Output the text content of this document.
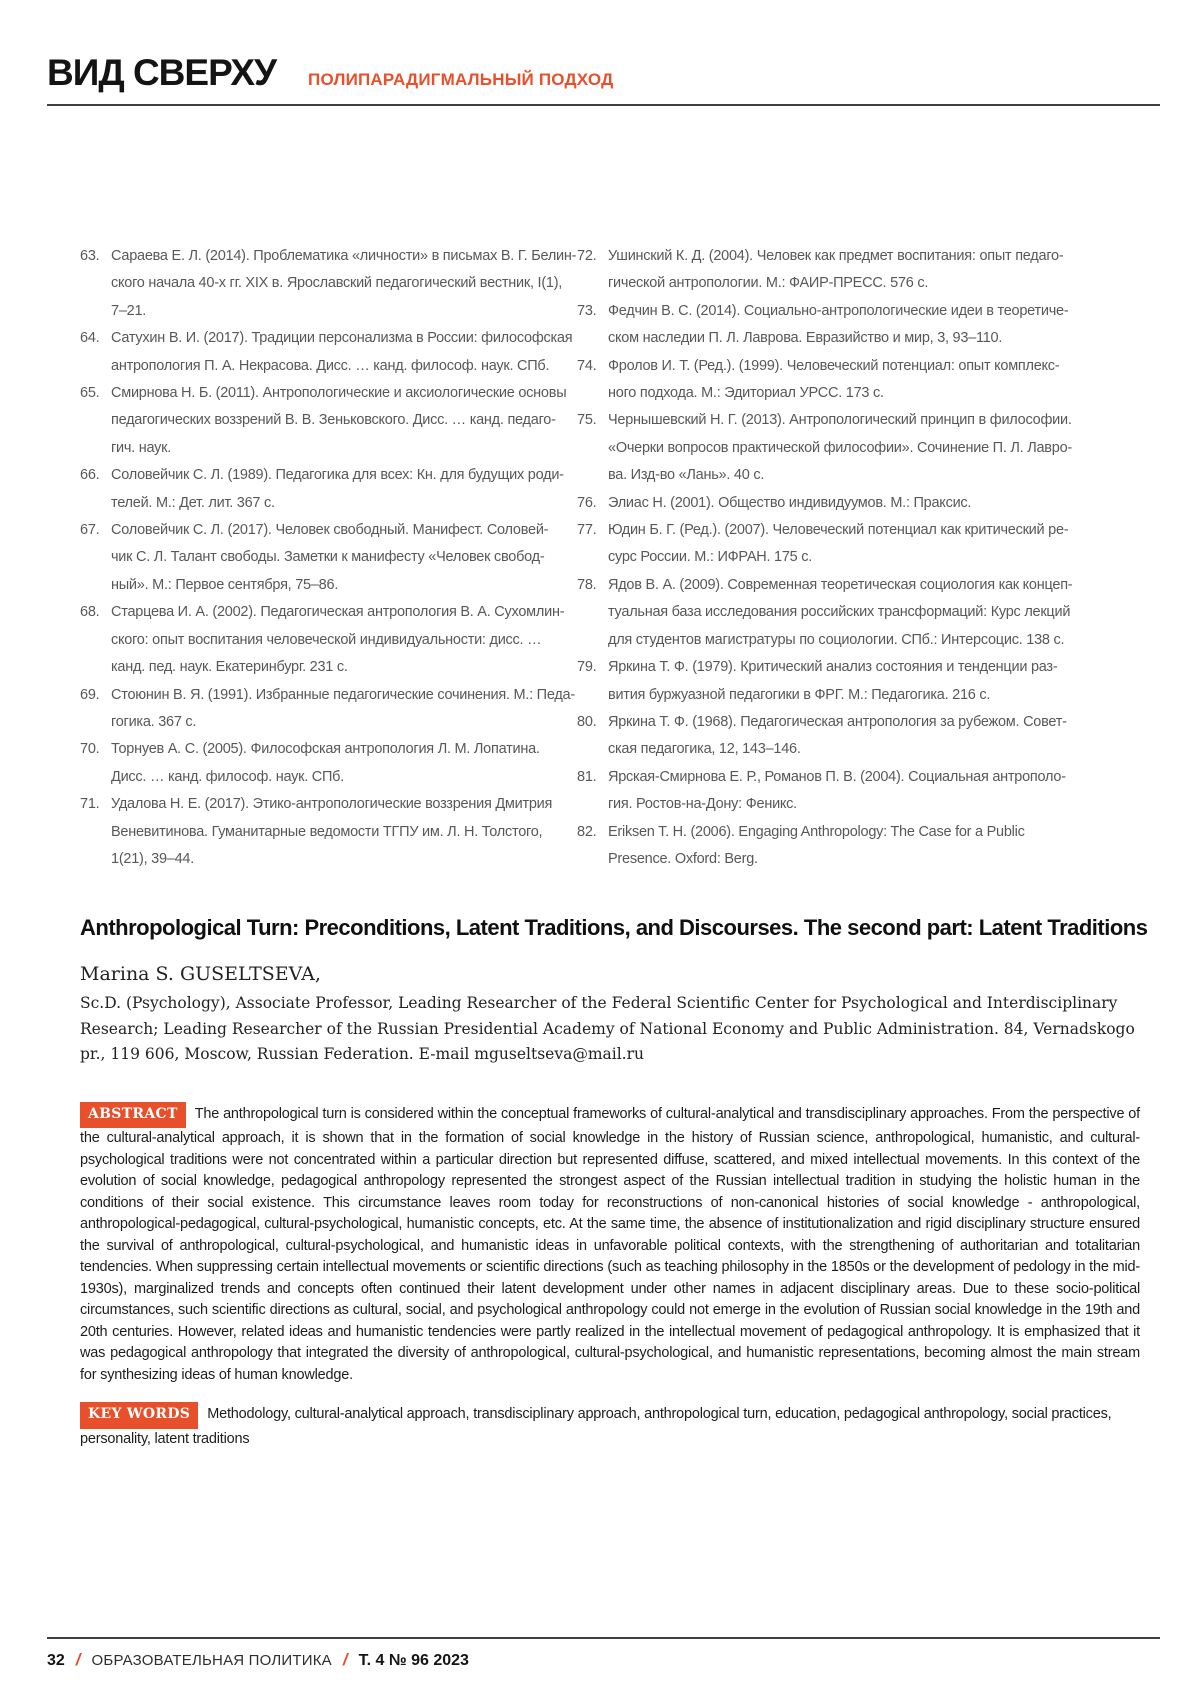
ВИД СВЕРХУ ПОЛИПАРАДИГМАЛЬНЫЙ ПОДХОД
63. Сараева Е. Л. (2014). Проблематика «личности» в письмах В. Г. Белин-
ского начала 40-х гг. XIX в. Ярославский педагогический вестник, I(1),
7–21.
64. Сатухин В. И. (2017). Традиции персонализма в России: философская
антропология П. А. Некрасова. Дисс. … канд. философ. наук. СПб.
65. Смирнова Н. Б. (2011). Антропологические и аксиологические основы
педагогических воззрений В. В. Зеньковского. Дисс. … канд. педаго-
гич. наук.
66. Соловейчик С. Л. (1989). Педагогика для всех: Кн. для будущих роди-
телей. М.: Дет. лит. 367 с.
67. Соловейчик С. Л. (2017). Человек свободный. Манифест. Соловей-
чик С. Л. Талант свободы. Заметки к манифесту «Человек свобод-
ный». М.: Первое сентября, 75–86.
68. Старцева И. А. (2002). Педагогическая антропология В. А. Сухомлин-
ского: опыт воспитания человеческой индивидуальности: дисс. …
канд. пед. наук. Екатеринбург. 231 с.
69. Стоюнин В. Я. (1991). Избранные педагогические сочинения. М.: Педа-
гогика. 367 с.
70. Торнуев А. С. (2005). Философская антропология Л. М. Лопатина.
Дисс. … канд. философ. наук. СПб.
71. Удалова Н. Е. (2017). Этико-антропологические воззрения Дмитрия
Веневитинова. Гуманитарные ведомости ТГПУ им. Л. Н. Толстого,
1(21), 39–44.
72. Ушинский К. Д. (2004). Человек как предмет воспитания: опыт педаго-
гической антропологии. М.: ФАИР-ПРЕСС. 576 с.
73. Федчин В. С. (2014). Социально-антропологические идеи в теоретиче-
ском наследии П. Л. Лаврова. Евразийство и мир, 3, 93–110.
74. Фролов И. Т. (Ред.). (1999). Человеческий потенциал: опыт комплекс-
ного подхода. М.: Эдиториал УРСС. 173 с.
75. Чернышевский Н. Г. (2013). Антропологический принцип в философии.
«Очерки вопросов практической философии». Сочинение П. Л. Лавро-
ва. Изд-во «Лань». 40 с.
76. Элиас Н. (2001). Общество индивидуумов. М.: Праксис.
77. Юдин Б. Г. (Ред.). (2007). Человеческий потенциал как критический ре-
сурс России. М.: ИФРАН. 175 с.
78. Ядов В. А. (2009). Современная теоретическая социология как концеп-
туальная база исследования российских трансформаций: Курс лекций
для студентов магистратуры по социологии. СПб.: Интерсоцис. 138 с.
79. Яркина Т. Ф. (1979). Критический анализ состояния и тенденции раз-
вития буржуазной педагогики в ФРГ. М.: Педагогика. 216 с.
80. Яркина Т. Ф. (1968). Педагогическая антропология за рубежом. Совет-
ская педагогика, 12, 143–146.
81. Ярская-Смирнова Е. Р., Романов П. В. (2004). Социальная антрополо-
гия. Ростов-на-Дону: Феникс.
82. Eriksen T. H. (2006). Engaging Anthropology: The Case for a Public
Presence. Oxford: Berg.
Anthropological Turn: Preconditions, Latent Traditions, and Discourses. The second part: Latent Traditions
Marina S. GUSELTSEVA,
Sc.D. (Psychology), Associate Professor, Leading Researcher of the Federal Scientific Center for Psychological and Interdisciplinary Research; Leading Researcher of the Russian Presidential Academy of National Economy and Public Administration. 84, Vernadskogo pr., 119 606, Moscow, Russian Federation. E-mail mguseltseva@mail.ru
ABSTRACT The anthropological turn is considered within the conceptual frameworks of cultural-analytical and transdisciplinary approaches. From the perspective of the cultural-analytical approach, it is shown that in the formation of social knowledge in the history of Russian science, anthropological, humanistic, and cultural-psychological traditions were not concentrated within a particular direction but represented diffuse, scattered, and mixed intellectual movements. In this context of the evolution of social knowledge, pedagogical anthropology represented the strongest aspect of the Russian intellectual tradition in studying the holistic human in the conditions of their social existence. This circumstance leaves room today for reconstructions of non-canonical histories of social knowledge - anthropological, anthropological-pedagogical, cultural-psychological, humanistic concepts, etc. At the same time, the absence of institutionalization and rigid disciplinary structure ensured the survival of anthropological, cultural-psychological, and humanistic ideas in unfavorable political contexts, with the strengthening of authoritarian and totalitarian tendencies. When suppressing certain intellectual movements or scientific directions (such as teaching philosophy in the 1850s or the development of pedology in the mid-1930s), marginalized trends and concepts often continued their latent development under other names in adjacent disciplinary areas. Due to these socio-political circumstances, such scientific directions as cultural, social, and psychological anthropology could not emerge in the evolution of Russian social knowledge in the 19th and 20th centuries. However, related ideas and humanistic tendencies were partly realized in the intellectual movement of pedagogical anthropology. It is emphasized that it was pedagogical anthropology that integrated the diversity of anthropological, cultural-psychological, and humanistic representations, becoming almost the main stream for synthesizing ideas of human knowledge.
KEY WORDS Methodology, cultural-analytical approach, transdisciplinary approach, anthropological turn, education, pedagogical anthropology, social practices, personality, latent traditions
32 / ОБРАЗОВАТЕЛЬНАЯ ПОЛИТИКА / Т. 4 № 96 2023
